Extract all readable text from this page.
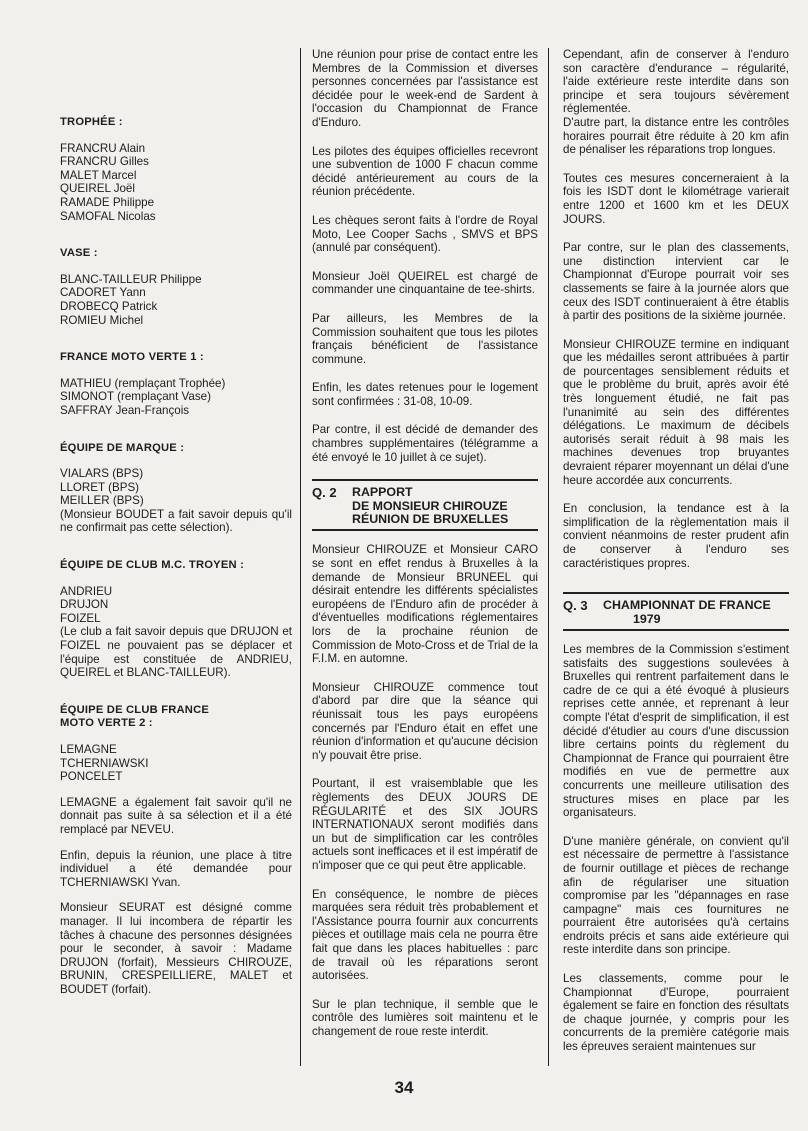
TROPHÉE :
FRANCRU Alain
FRANCRU Gilles
MALET Marcel
QUEIREL Joël
RAMADE Philippe
SAMOFAL Nicolas
VASE :
BLANC-TAILLEUR Philippe
CADORET Yann
DROBECQ Patrick
ROMIEU Michel
FRANCE MOTO VERTE 1 :
MATHIEU (remplaçant Trophée)
SIMONOT (remplaçant Vase)
SAFFRAY Jean-François
ÉQUIPE DE MARQUE :
VIALARS (BPS)
LLORET (BPS)
MEILLER (BPS)

(Monsieur BOUDET a fait savoir depuis qu'il ne confirmait pas cette sélection).

ÉQUIPE DE CLUB M.C. TROYEN :
ANDRIEU
DRUJON
FOIZEL

(Le club a fait savoir depuis que DRUJON et FOIZEL ne pouvaient pas se déplacer et l'équipe est constituée de ANDRIEU, QUEIREL et BLANC-TAILLEUR).

ÉQUIPE DE CLUB FRANCE
MOTO VERTE 2 :
LEMAGNE
TCHERNIAWSKI
PONCELET

LEMAGNE a également fait savoir qu'il ne donnait pas suite à sa sélection et il a été remplacé par NEVEU.

Enfin, depuis la réunion, une place à titre individuel a été demandée pour TCHERNIAWSKI Yvan.

Monsieur SEURAT est désigné comme manager. Il lui incombera de répartir les tâches à chacune des personnes désignées pour le seconder, à savoir : Madame DRUJON (forfait), Messieurs CHIROUZE, BRUNIN, CRESPEILLIERE, MALET et BOUDET (forfait).

Une réunion pour prise de contact entre les Membres de la Commission et diverses personnes concernées par l'assistance est décidée pour le week-end de Sardent à l'occasion du Championnat de France d'Enduro.

Les pilotes des équipes officielles recevront une subvention de 1000 F chacun comme décidé antérieurement au cours de la réunion précédente.

Les chèques seront faits à l'ordre de Royal Moto, Lee Cooper Sachs , SMVS et BPS (annulé par conséquent).

Monsieur Joël QUEIREL est chargé de commander une cinquantaine de tee-shirts.

Par ailleurs, les Membres de la Commission souhaitent que tous les pilotes français bénéficient de l'assistance commune.

Enfin, les dates retenues pour le logement sont confirmées : 31-08, 10-09.

Par contre, il est décidé de demander des chambres supplémentaires (télégramme a été envoyé le 10 juillet à ce sujet).

Q. 2	RAPPORT
DE MONSIEUR CHIROUZE
RÉUNION DE BRUXELLES

Monsieur CHIROUZE et Monsieur CARO se sont en effet rendus à Bruxelles à la demande de Monsieur BRUNEEL qui désirait entendre les différents spécialistes européens de l'Enduro afin de procéder à d'éventuelles modifications réglementaires lors de la prochaine réunion de Commission de Moto-Cross et de Trial de la F.I.M. en automne.

Monsieur CHIROUZE commence tout d'abord par dire que la séance qui réunissait tous les pays européens concernés par l'Enduro était en effet une réunion d'information et qu'aucune décision n'y pouvait être prise.

Pourtant, il est vraisemblable que les règlements des DEUX JOURS DE RÉGULARITÉ et des SIX JOURS INTERNATIONAUX seront modifiés dans un but de simplification car les contrôles actuels sont inefficaces et il est impératif de n'imposer que ce qui peut être applicable.

En conséquence, le nombre de pièces marquées sera réduit très probablement et l'Assistance pourra fournir aux concurrents pièces et outillage mais cela ne pourra être fait que dans les places habituelles : parc de travail où les réparations seront autorisées.

Sur le plan technique, il semble que le contrôle des lumières soit maintenu et le changement de roue reste interdit.

Cependant, afin de conserver à l'enduro son caractère d'endurance – régularité, l'aide extérieure reste interdite dans son principe et sera toujours sévèrement réglementée.

D'autre part, la distance entre les contrôles horaires pourrait être réduite à 20 km afin de pénaliser les réparations trop longues.

Toutes ces mesures concerneraient à la fois les ISDT dont le kilométrage varierait entre 1200 et 1600 km et les DEUX JOURS.

Par contre, sur le plan des classements, une distinction intervient car le Championnat d'Europe pourrait voir ses classements se faire à la journée alors que ceux des ISDT continueraient à être établis à partir des positions de la sixième journée.

Monsieur CHIROUZE termine en indiquant que les médailles seront attribuées à partir de pourcentages sensiblement réduits et que le problème du bruit, après avoir été très longuement étudié, ne fait pas l'unanimité au sein des différentes délégations. Le maximum de décibels autorisés serait réduit à 98 mais les machines devenues trop bruyantes devraient réparer moyennant un délai d'une heure accordée aux concurrents.

En conclusion, la tendance est à la simplification de la règlementation mais il convient néanmoins de rester prudent afin de conserver à l'enduro ses caractéristiques propres.

Q. 3	CHAMPIONNAT DE FRANCE
1979

Les membres de la Commission s'estiment satisfaits des suggestions soulevées à Bruxelles qui rentrent parfaitement dans le cadre de ce qui a été évoqué à plusieurs reprises cette année, et reprenant à leur compte l'état d'esprit de simplification, il est décidé d'étudier au cours d'une discussion libre certains points du règlement du Championnat de France qui pourraient être modifiés en vue de permettre aux concurrents une meilleure utilisation des structures mises en place par les organisateurs.

D'une manière générale, on convient qu'il est nécessaire de permettre à l'assistance de fournir outillage et pièces de rechange afin de régulariser une situation compromise par les "dépannages en rase campagne" mais ces fournitures ne pourraient être autorisées qu'à certains endroits précis et sans aide extérieure qui reste interdite dans son principe.

Les classements, comme pour le Championnat d'Europe, pourraient également se faire en fonction des résultats de chaque journée, y compris pour les concurrents de la première catégorie mais les épreuves seraient maintenues sur

34
